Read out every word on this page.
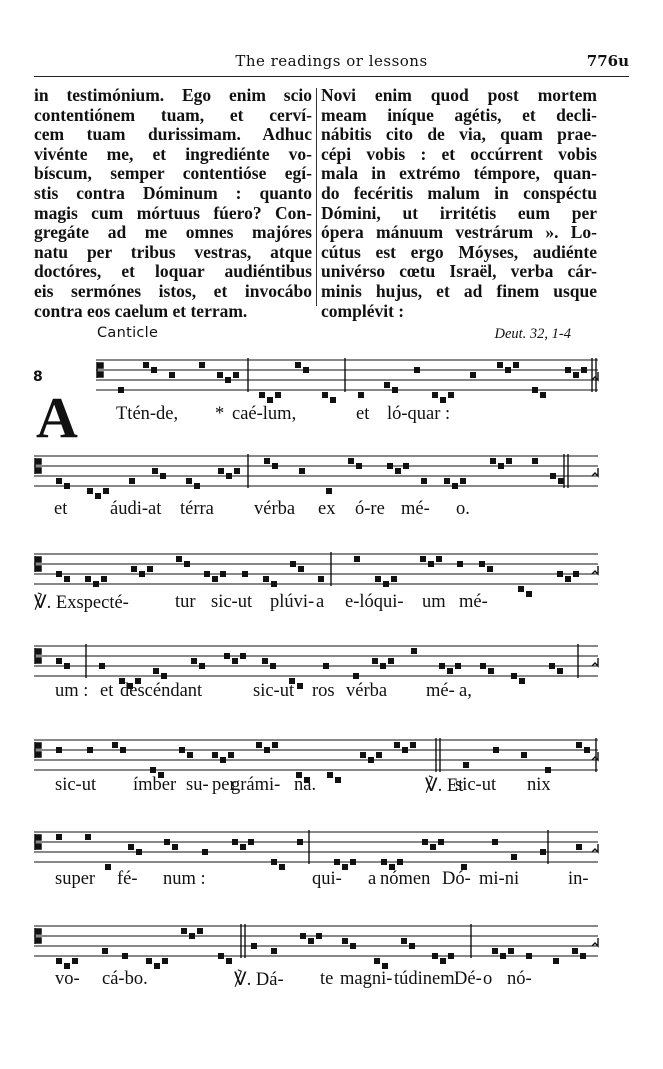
The readings or lessons	776u
in testimónium. Ego enim scio
contentiónem tuam, et cerví-
cem tuam durissimam. Adhuc
vivénte me, et ingrediénte vo-
bíscum, semper contentióse egí-
stis contra Dóminum : quanto
magis cum mórtuus fúero? Con-
gregáte ad me omnes majóres
natu per tribus vestras, atque
doctóres, et loquar audiéntibus
eis sermónes istos, et invocábo
contra eos caelum et terram.
Novi enim quod post mortem
meam iníque agétis, et decli-
nábitis cito de via, quam prae-
cépi vobis : et occúrrent vobis
mala in extrémo témpore, quan-
do fecéritis malum in conspéctu
Dómini, ut irritétis eum per
ópera mánuum vestrárum ». Lo-
cútus est ergo Móyses, audiénte
univérso cœtu Israël, verba cár-
minis hujus, et ad finem usque
complévit :
Canticle	Deut. 32, 1-4
8
A Ttén-de, * caé-lum,	et ló-quar :
et áudi- at térra vérba ex ó-re mé- o.
℣. Exspecté- tur sic-ut plúvi- a e-lóqui- um mé-
um : et descéndant	sic-ut ros vérba mé- a,
sic-ut ímber su- per
grámi- na.	℣. Et
sic-ut nix
super fé- num :	qui- a nómen Dó- mi-ni	in-
vo- cá-bo.	℣. Dá- te magni- túdinem Dé- o nó-
